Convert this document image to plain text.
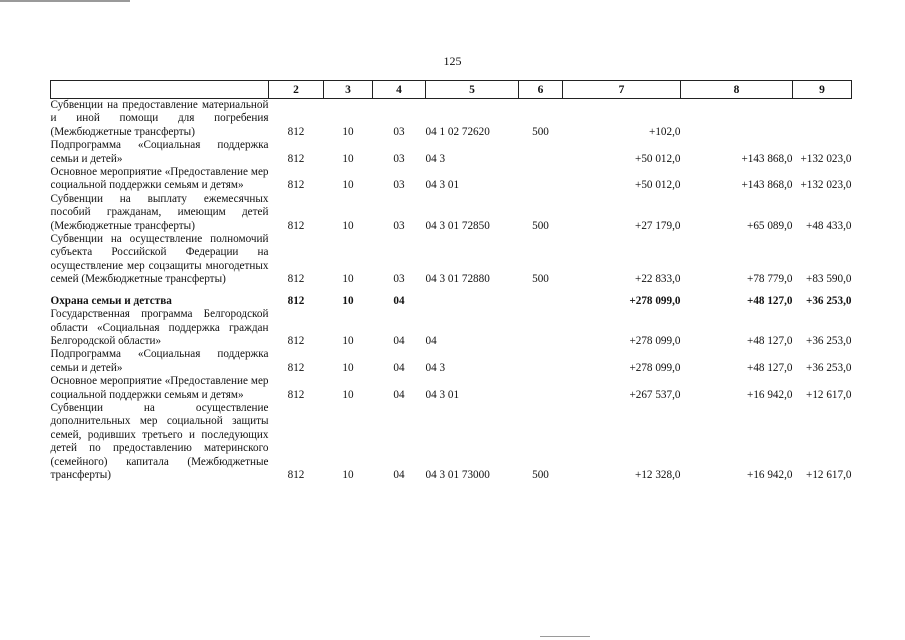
125
	2	3	4	5	6	7	8	9
Субвенции на предоставление материальной и иной помощи для погребения (Межбюджетные трансферты)	812	10	03	04 1 02 72620	500	+102,0		
Подпрограмма «Социальная поддержка семьи и детей»	812	10	03	04 3		+50 012,0	+143 868,0	+132 023,0
Основное мероприятие «Предоставление мер социальной поддержки семьям и детям»	812	10	03	04 3 01		+50 012,0	+143 868,0	+132 023,0
Субвенции на выплату ежемесячных пособий гражданам, имеющим детей (Межбюджетные трансферты)	812	10	03	04 3 01 72850	500	+27 179,0	+65 089,0	+48 433,0
Субвенции на осуществление полномочий субъекта Российской Федерации на осуществление мер соцзащиты многодетных семей (Межбюджетные трансферты)	812	10	03	04 3 01 72880	500	+22 833,0	+78 779,0	+83 590,0
Охрана семьи и детства	812	10	04			+278 099,0	+48 127,0	+36 253,0
Государственная программа Белгородской области «Социальная поддержка граждан Белгородской области»	812	10	04	04		+278 099,0	+48 127,0	+36 253,0
Подпрограмма «Социальная поддержка семьи и детей»	812	10	04	04 3		+278 099,0	+48 127,0	+36 253,0
Основное мероприятие «Предоставление мер социальной поддержки семьям и детям»	812	10	04	04 3 01		+267 537,0	+16 942,0	+12 617,0
Субвенции на осуществление дополнительных мер социальной защиты семей, родивших третьего и последующих детей по предоставлению материнского (семейного) капитала (Межбюджетные трансферты)	812	10	04	04 3 01 73000	500	+12 328,0	+16 942,0	+12 617,0
